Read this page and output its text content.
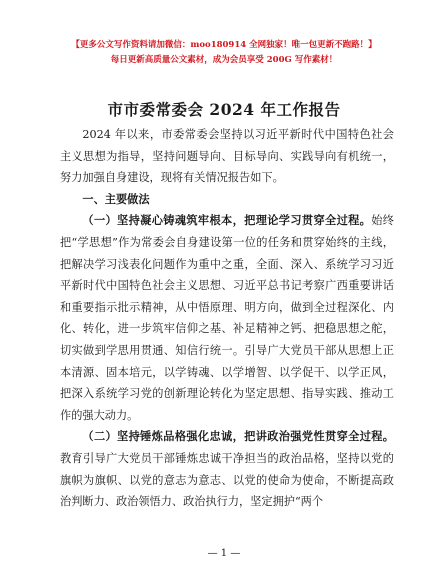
【更多公文写作资料请加微信：moo180914 全网独家！唯一包更新不跑路！】
每日更新高质量公文素材，成为会员享受 200G 写作素材！
市市委常委会 2024 年工作报告

2024 年以来，市委常委会坚持以习近平新时代中国特色社会主义思想为指导，坚持问题导向、目标导向、实践导向有机统一，努力加强自身建设，现将有关情况报告如下。

一、主要做法

（一）坚持凝心铸魂筑牢根本，把理论学习贯穿全过程。始终把“学思想”作为常委会自身建设第一位的任务和贯穿始终的主线，把解决学习浅表化问题作为重中之重，全面、深入、系统学习习近平新时代中国特色社会主义思想、习近平总书记考察广西重要讲话和重要指示批示精神，从中悟原理、明方向，做到全过程深化、内化、转化，进一步筑牢信仰之基、补足精神之钙、把稳思想之舵，切实做到学思用贯通、知信行统一。引导广大党员干部从思想上正本清源、固本培元，以学铸魂、以学增智、以学促干、以学正风，把深入系统学习党的创新理论转化为坚定思想、指导实践、推动工作的强大动力。

（二）坚持锤炼品格强化忠诚，把讲政治强党性贯穿全过程。教育引导广大党员干部锤炼忠诚干净担当的政治品格，坚持以党的旗帜为旗帜、以党的意志为意志、以党的使命为使命，不断提高政治判断力、政治领悟力、政治执行力，坚定拥护“两个

— 1 —
